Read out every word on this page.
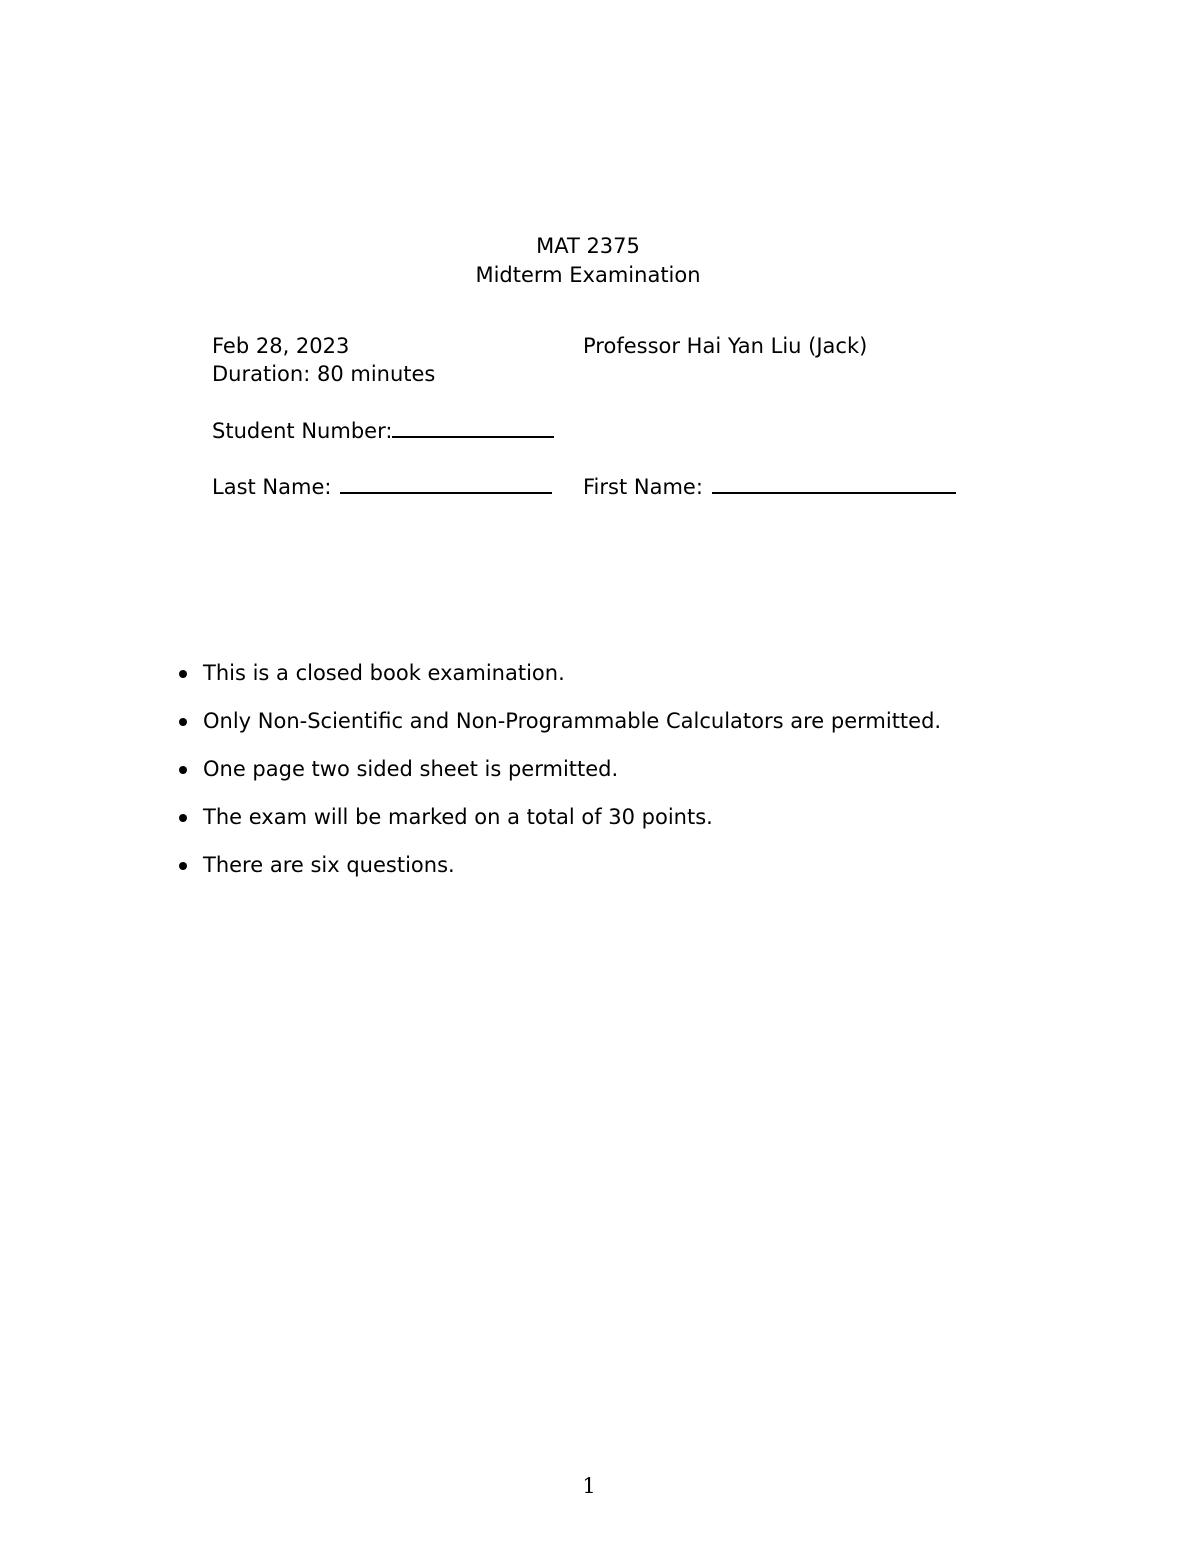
MAT 2375
Midterm Examination
Feb 28, 2023	Professor Hai Yan Liu (Jack)
Duration: 80 minutes
Student Number:
Last Name:	First Name:
This is a closed book examination.
Only Non-Scientific and Non-Programmable Calculators are permitted.
One page two sided sheet is permitted.
The exam will be marked on a total of 30 points.
There are six questions.
1
